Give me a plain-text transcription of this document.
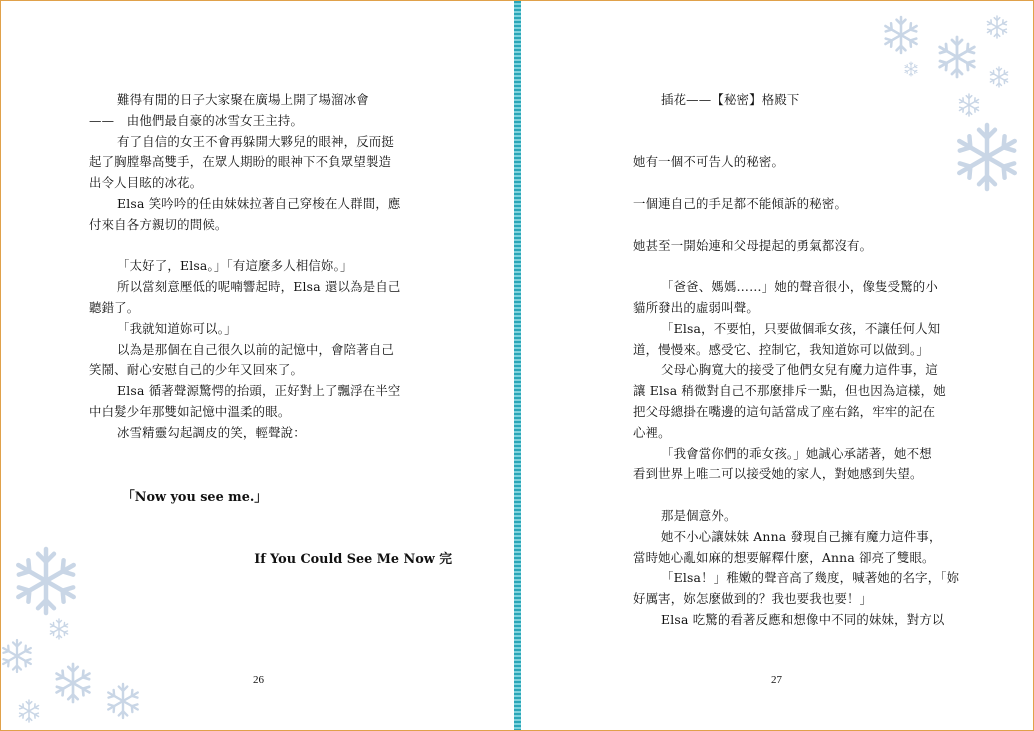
難得有閒的日子大家聚在廣場上開了場溜冰會

——　由他們最自豪的冰雪女王主持。

有了自信的女王不會再躲開大夥兒的眼神，反而挺

起了胸膛舉高雙手，在眾人期盼的眼神下不負眾望製造

出令人目眩的冰花。

Elsa 笑吟吟的任由妹妹拉著自己穿梭在人群間，應

付來自各方親切的問候。

「太好了，Elsa。」「有這麼多人相信妳。」

所以當刻意壓低的呢喃響起時，Elsa 還以為是自己

聽錯了。

「我就知道妳可以。」

以為是那個在自己很久以前的記憶中，會陪著自己

笑鬧、耐心安慰自己的少年又回來了。

Elsa 循著聲源驚愕的抬頭，正好對上了飄浮在半空

中白髮少年那雙如記憶中溫柔的眼。

冰雪精靈勾起調皮的笑，輕聲說：

「Now you see me.」
If You Could See Me Now 完
26

插花——【秘密】格殿下

她有一個不可告人的秘密。

一個連自己的手足都不能傾訴的秘密。

她甚至一開始連和父母提起的勇氣都沒有。

「爸爸、媽媽……」她的聲音很小，像隻受驚的小

貓所發出的虛弱叫聲。

「Elsa，不要怕，只要做個乖女孩，不讓任何人知

道，慢慢來。感受它、控制它，我知道妳可以做到。」

父母心胸寬大的接受了他們女兒有魔力這件事，這

讓 Elsa 稍微對自己不那麼排斥一點，但也因為這樣，她

把父母總掛在嘴邊的這句話當成了座右銘，牢牢的記在

心裡。

「我會當你們的乖女孩。」她誠心承諾著，她不想

看到世界上唯二可以接受她的家人，對她感到失望。

那是個意外。

她不小心讓妹妹 Anna 發現自己擁有魔力這件事，

當時她心亂如麻的想要解釋什麼，Anna 卻亮了雙眼。

「Elsa！」稚嫩的聲音高了幾度，喊著她的名字，「妳

好厲害，妳怎麼做到的？我也要我也要！」

Elsa 吃驚的看著反應和想像中不同的妹妹，對方以

27
